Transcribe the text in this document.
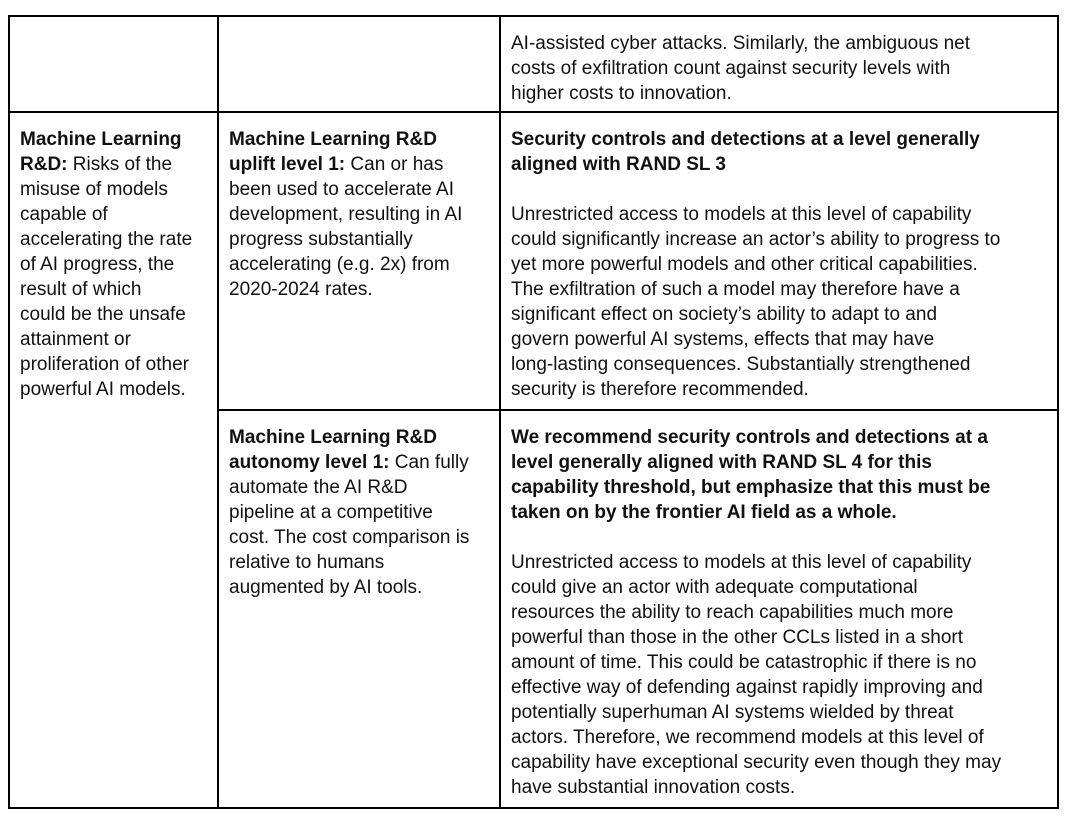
AI-assisted cyber attacks. Similarly, the ambiguous net
costs of exfiltration count against security levels with
higher costs to innovation.
Machine Learning
R&D: Risks of the
misuse of models
capable of
accelerating the rate
of AI progress, the
result of which
could be the unsafe
attainment or
proliferation of other
powerful AI models.
Machine Learning R&D
uplift level 1: Can or has
been used to accelerate AI
development, resulting in AI
progress substantially
accelerating (e.g. 2x) from
2020-2024 rates.
Security controls and detections at a level generally
aligned with RAND SL 3
Unrestricted access to models at this level of capability
could significantly increase an actor’s ability to progress to
yet more powerful models and other critical capabilities.
The exfiltration of such a model may therefore have a
significant effect on society’s ability to adapt to and
govern powerful AI systems, effects that may have
long-lasting consequences. Substantially strengthened
security is therefore recommended.
Machine Learning R&D
autonomy level 1: Can fully
automate the AI R&D
pipeline at a competitive
cost. The cost comparison is
relative to humans
augmented by AI tools.
We recommend security controls and detections at a
level generally aligned with RAND SL 4 for this
capability threshold, but emphasize that this must be
taken on by the frontier AI field as a whole.
Unrestricted access to models at this level of capability
could give an actor with adequate computational
resources the ability to reach capabilities much more
powerful than those in the other CCLs listed in a short
amount of time. This could be catastrophic if there is no
effective way of defending against rapidly improving and
potentially superhuman AI systems wielded by threat
actors. Therefore, we recommend models at this level of
capability have exceptional security even though they may
have substantial innovation costs.
